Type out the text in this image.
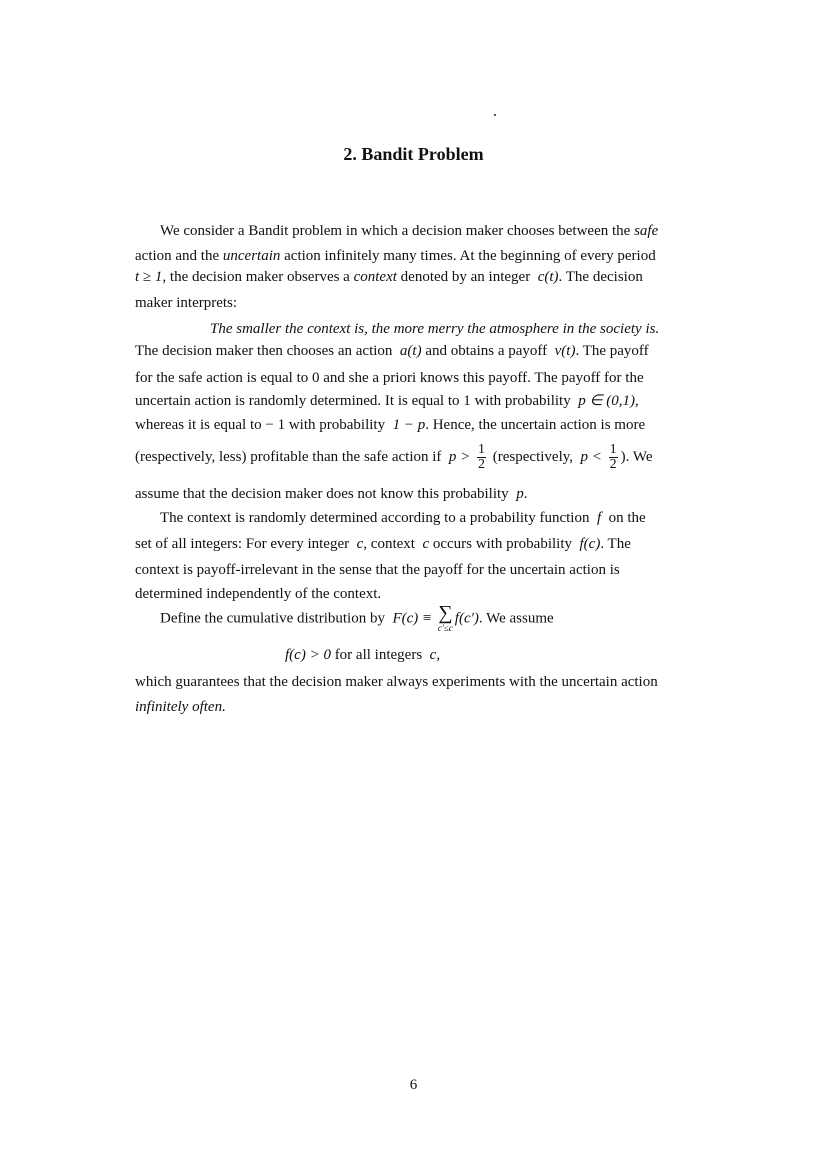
2. Bandit Problem
We consider a Bandit problem in which a decision maker chooses between the safe
action and the uncertain action infinitely many times. At the beginning of every period
t ≥ 1, the decision maker observes a context denoted by an integer c(t). The decision
maker interprets:
The smaller the context is, the more merry the atmosphere in the society is.
The decision maker then chooses an action a(t) and obtains a payoff v(t). The payoff
for the safe action is equal to 0 and she a priori knows this payoff. The payoff for the
uncertain action is randomly determined. It is equal to 1 with probability p ∈ (0,1),
whereas it is equal to − 1 with probability 1 − p. Hence, the uncertain action is more
(respectively, less) profitable than the safe action if $p > \frac{1}{2}$ (respectively, $p < \frac{1}{2}$ ). We
assume that the decision maker does not know this probability p.
The context is randomly determined according to a probability function f on the
set of all integers: For every integer c, context c occurs with probability f(c). The
context is payoff-irrelevant in the sense that the payoff for the uncertain action is
determined independently of the context.
Define the cumulative distribution by F(c) ≡ ∑
c′≤c
f(c′). We assume
f(c) > 0 for all integers c,
which guarantees that the decision maker always experiments with the uncertain action
infinitely often.
6
